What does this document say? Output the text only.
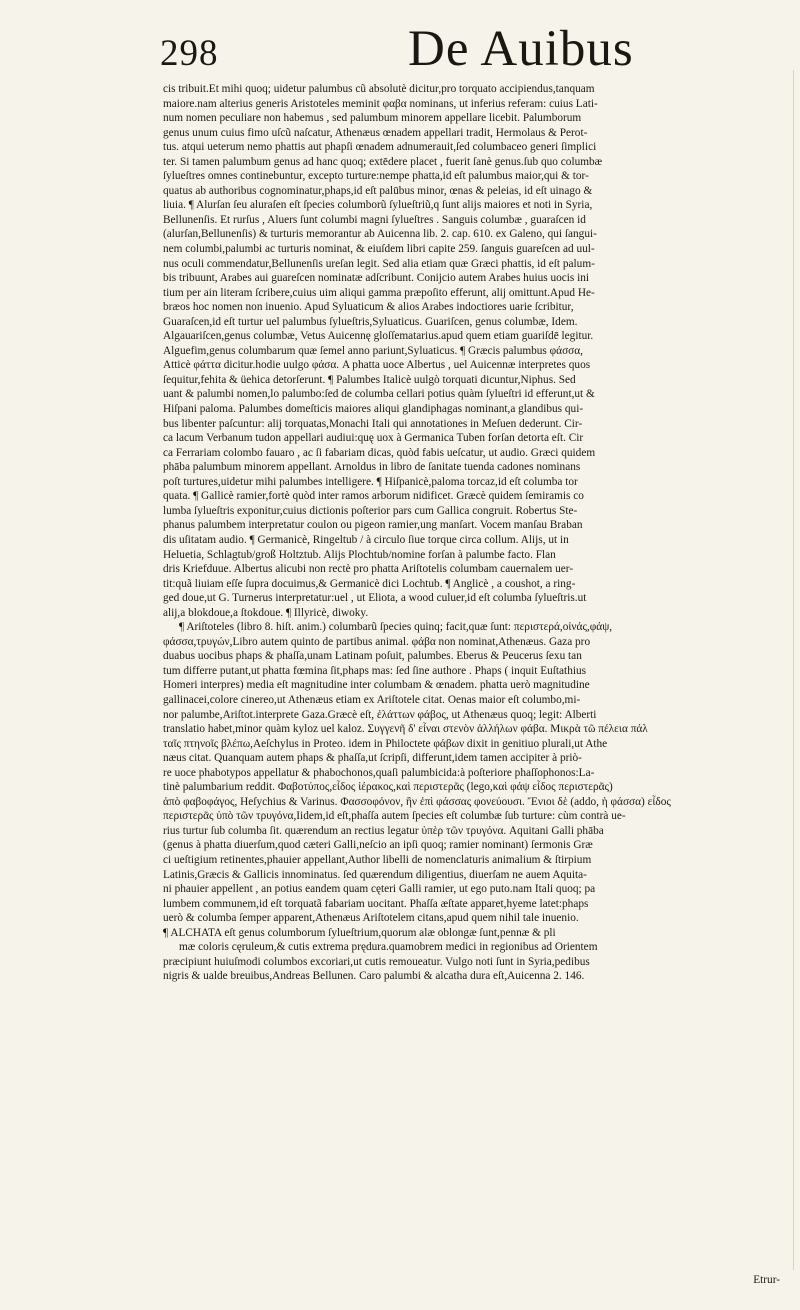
298	De Auibus
cis tribuit.Et mihi quoq; uidetur palumbus cũ absolutè dicitur,pro torquato accipiendus,tanquam
maiore.nam alterius generis Aristoteles meminit φαβα nominans, ut inferius referam: cuius Lati-
num nomen peculiare non habemus , sed palumbum minorem appellare licebit. Palumborum
genus unum cuius fimo uſcũ naſcatur, Athenæus œnadem appellari tradit, Hermolaus & Perot-
tus. atqui ueterum nemo phattis aut phapſi œnadem adnumerauit,ſed columbaceo generi ſimplici
ter. Si tamen palumbum genus ad hanc quoq; extēdere placet , fuerit ſanè genus.ſub quo columbæ
ſylueſtres omnes continebuntur, excepto turture:nempe phatta,id eſt palumbus maior,qui & tor-
quatus ab authoribus cognominatur,phaps,id eſt palūbus minor, œnas & peleias, id eſt uinago &
liuia. ¶ Alurſan ſeu aluraſen eſt ſpecies columborũ ſylueſtriũ,q ſunt alijs maiores et noti in Syria,
Bellunenſis. Et rurſus , Aluers ſunt columbi magni ſylueſtres . Sanguis columbæ , guaraſcen id
(alurſan,Bellunenſis) & turturis memorantur ab Auicenna lib. 2. cap. 610. ex Galeno, qui ſangui-
nem columbi,palumbi ac turturis nominat, & eiuſdem libri capite 259. ſanguis guareſcen ad uul-
nus oculi commendatur,Bellunenſis ureſan legit. Sed alia etiam quæ Græci phattis, id eſt palum-
bis tribuunt, Arabes aui guareſcen nominatæ adſcribunt. Conijcio autem Arabes huius uocis ini
tium per ain literam ſcribere,cuius uim aliqui gamma præpoſito efferunt, alij omittunt.Apud He-
bræos hoc nomen non inuenio. Apud Syluaticum & alios Arabes indoctiores uarie ſcribitur,
Guaraſcen,id eſt turtur uel palumbus ſylueſtris,Syluaticus. Guariſcen, genus columbæ, Idem.
Algauariſcen,genus columbæ, Vetus Auicennę gloſſematarius.apud quem etiam guariſdē legitur.
Alguefim,genus columbarum quæ ſemel anno pariunt,Syluaticus. ¶ Græcis palumbus φάσσα,
Atticè φάττα dicitur.hodie uulgo φάσα. A phatta uoce Albertus , uel Auicennæ interpretes quos
ſequitur,fehita & üehica detorſerunt. ¶ Palumbes Italicè uulgò torquati dicuntur,Niphus. Sed
uant & palumbi nomen,lo palumbo:ſed de columba cellari potius quàm ſylueſtri id efferunt,ut &
Hiſpani paloma. Palumbes domeſticis maiores aliqui glandiphagas nominant,a glandibus qui-
bus libenter paſcuntur: alij torquatas,Monachi Itali qui annotationes in Meſuen dederunt. Cir-
ca lacum Verbanum tudon appellari audiui:quę uox à Germanica Tuben forſan detorta eſt. Cir
ca Ferrariam colombo fauaro , ac ſi fabariam dicas, quòd fabis ueſcatur, ut audio. Græci quidem
phāba palumbum minorem appellant. Arnoldus in libro de ſanitate tuenda cadones nominans
poſt turtures,uidetur mihi palumbes intelligere. ¶ Hiſpanicè,paloma torcaz,id eſt columba tor
quata. ¶ Gallicè ramier,fortè quòd inter ramos arborum nidificet. Græcè quidem ſemiramis co
lumba ſylueſtris exponitur,cuius dictionis poſterior pars cum Gallica congruit. Robertus Ste-
phanus palumbem interpretatur coulon ou pigeon ramier,ung manſart. Vocem manſau Braban
dis uſitatam audio. ¶ Germanicè, Ringeltub / à circulo ſiue torque circa collum. Alijs, ut in
Heluetia, Schlagtub/groß Holtztub. Alijs Plochtub/nomine forſan à palumbe facto. Flan
dris Kriefduue. Albertus alicubi non rectè pro phatta Ariſtotelis columbam cauernalem uer-
tit:quã liuiam eſſe ſupra docuimus,& Germanicè dici Lochtub. ¶ Anglicè , a coushot, a ring-
ged doue,ut G. Turnerus interpretatur:uel , ut Eliota, a wood culuer,id eſt columba ſylueſtris.ut
alij,a blokdoue,a ſtokdoue. ¶ Illyricè, diwoky.
¶ Ariſtoteles (libro 8. hiſt. anim.) columbarũ ſpecies quinq; facit,quæ ſunt: περιστερά,οἰνάς,φάψ,
φάσσα,τρυγών,Libro autem quinto de partibus animal. φάβα non nominat,Athenæus. Gaza pro
duabus uocibus phaps & phaſſa,unam Latinam poſuit, palumbes. Eberus & Peucerus ſexu tan
tum differre putant,ut phatta fœmina ſit,phaps mas: ſed ſine authore . Phaps ( inquit Euſtathius
Homeri interpres) media eſt magnitudine inter columbam & œnadem. phatta uerò magnitudine
gallinacei,colore cinereo,ut Athenæus etiam ex Ariſtotele citat. Oenas maior eſt columbo,mi-
nor palumbe,Ariſtot.interprete Gaza.Græcè eſt, ἐλάττων φάβος, ut Athenæus quoq; legit: Alberti
translatio habet,minor quàm kyloz uel kaloz. Συγγενῆ δ' εἶναι στενὸν ἀλλήλων φάβα. Μικρὰ τῶ πέλεια πάλ
ταῖς πτηνοῖς βλέπω,Aeſchylus in Proteo. idem in Philoctete φάβων dixit in genitiuo plurali,ut Athe
næus citat. Quanquam autem phaps & phaſſa,ut ſcripſi, differunt,idem tamen accipiter à priò-
re uoce phabotypos appellatur & phabochonos,quaſi palumbicida:à poſteriore phaſſophonos:La-
tinè palumbarium reddit. Φαβοτύπος,εἶδος ἱέρακος,καὶ περιστερᾶς (lego,καὶ φάψ εἶδος περιστερᾶς)
ἀπὸ φαβοφάγος, Heſychius & Varinus. Φασσοφόνον, ἣν ἐπὶ φάσσας φονεύουσι. Ἔνιοι δὲ (addo, ἡ φάσσα) εἶδος
περιστερᾶς ὑπὸ τῶν τρυγόνα,Iidem,id eſt,phaſſa autem ſpecies eſt columbæ ſub turture: cùm contrà ue-
rius turtur ſub columba ſit. quærendum an rectius legatur ὑπὲρ τῶν τρυγόνα. Aquitani Galli phāba
(genus à phatta diuerſum,quod cæteri Galli,neſcio an ipſi quoq; ramier nominant) ſermonis Græ
ci ueſtigium retinentes,phauier appellant,Author libelli de nomenclaturis animalium & ſtirpium
Latinis,Græcis & Gallicis innominatus. ſed quærendum diligentius, diuerſam ne auem Aquita-
ni phauier appellent , an potius eandem quam cęteri Galli ramier, ut ego puto.nam Itali quoq; pa
lumbem communem,id eſt torquatã fabariam uocitant. Phaſſa æſtate apparet,hyeme latet:phaps
uerò & columba ſemper apparent,Athenæus Ariſtotelem citans,apud quem nihil tale inuenio.
¶ ALCHATA eſt genus columborum ſylueſtrium,quorum alæ oblongæ ſunt,pennæ & pli
mæ coloris cęruleum,& cutis extrema prędura.quamobrem medici in regionibus ad Orientem
præcipiunt huiuſmodi columbos excoriari,ut cutis remoueatur. Vulgo noti ſunt in Syria,pedibus
nigris & ualde breuibus,Andreas Bellunen. Caro palumbi & alcatha dura eſt,Auicenna 2. 146.
Etrur-
